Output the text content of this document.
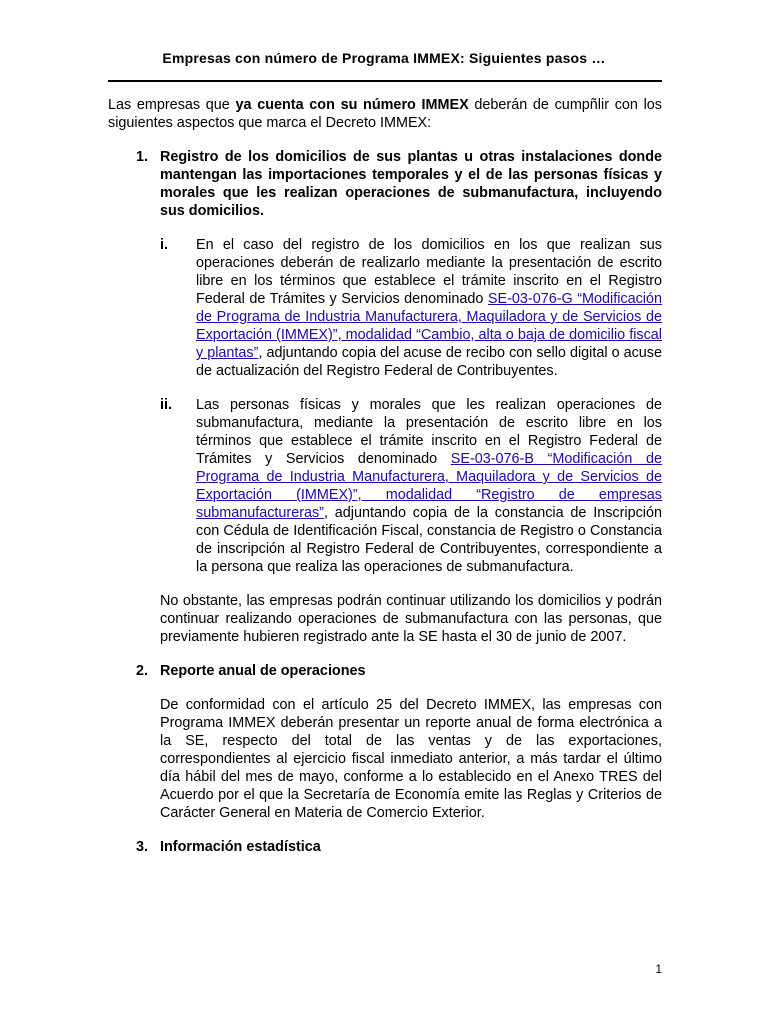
Empresas con número de Programa IMMEX: Siguientes pasos …

Las empresas que ya cuenta con su número IMMEX deberán de cumpñlir con los siguientes aspectos que marca el Decreto IMMEX:

1. Registro de los domicilios de sus plantas u otras instalaciones donde mantengan las importaciones temporales y el de las personas físicas y morales que les realizan operaciones de submanufactura, incluyendo sus domicilios.

i. En el caso del registro de los domicilios en los que realizan sus operaciones deberán de realizarlo mediante la presentación de escrito libre en los términos que establece el trámite inscrito en el Registro Federal de Trámites y Servicios denominado SE-03-076-G “Modificación de Programa de Industria Manufacturera, Maquiladora y de Servicios de Exportación (IMMEX)”, modalidad “Cambio, alta o baja de domicilio fiscal y plantas”, adjuntando copia del acuse de recibo con sello digital o acuse de actualización del Registro Federal de Contribuyentes.

ii. Las personas físicas y morales que les realizan operaciones de submanufactura, mediante la presentación de escrito libre en los términos que establece el trámite inscrito en el Registro Federal de Trámites y Servicios denominado SE-03-076-B “Modificación de Programa de Industria Manufacturera, Maquiladora y de Servicios de Exportación (IMMEX)”, modalidad “Registro de empresas submanufactureras”, adjuntando copia de la constancia de Inscripción con Cédula de Identificación Fiscal, constancia de Registro o Constancia de inscripción al Registro Federal de Contribuyentes, correspondiente a la persona que realiza las operaciones de submanufactura.

No obstante, las empresas podrán continuar utilizando los domicilios y podrán continuar realizando operaciones de submanufactura con las personas, que previamente hubieren registrado ante la SE hasta el 30 de junio de 2007.

2. Reporte anual de operaciones

De conformidad con el artículo 25 del Decreto IMMEX, las empresas con Programa IMMEX deberán presentar un reporte anual de forma electrónica a la SE, respecto del total de las ventas y de las exportaciones, correspondientes al ejercicio fiscal inmediato anterior, a más tardar el último día hábil del mes de mayo, conforme a lo establecido en el Anexo TRES del Acuerdo por el que la Secretaría de Economía emite las Reglas y Criterios de Carácter General en Materia de Comercio Exterior.

3. Información estadística

1
